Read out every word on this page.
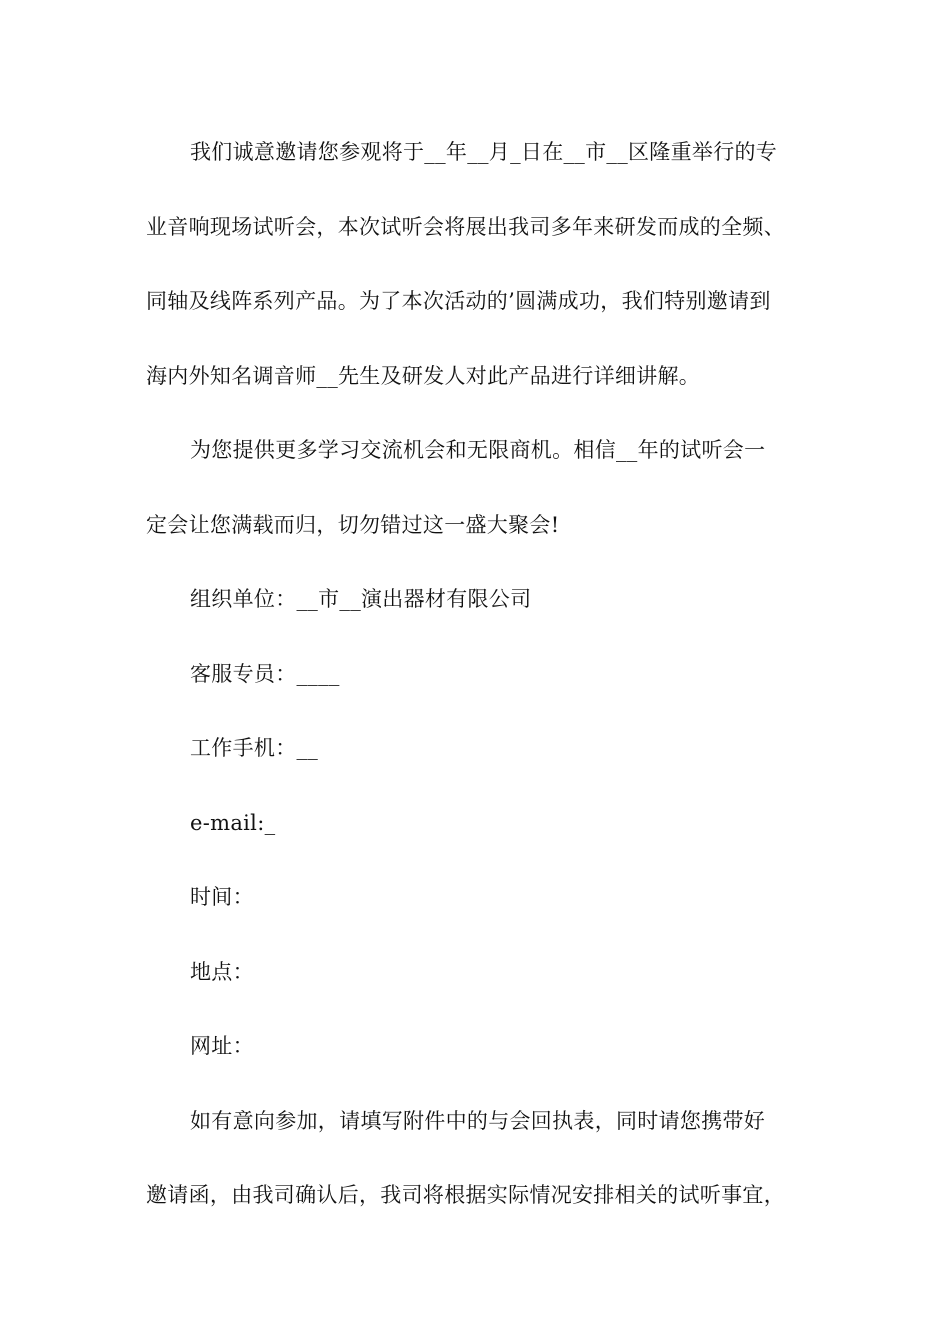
我们诚意邀请您参观将于__年__月_日在__市__区隆重举行的专
业音响现场试听会，本次试听会将展出我司多年来研发而成的全频、
同轴及线阵系列产品。为了本次活动的’圆满成功，我们特别邀请到
海内外知名调音师__先生及研发人对此产品进行详细讲解。
为您提供更多学习交流机会和无限商机。相信__年的试听会一
定会让您满载而归，切勿错过这一盛大聚会!
组织单位：__市__演出器材有限公司
客服专员：____
工作手机：__
e-mail:_
时间：
地点：
网址：
如有意向参加，请填写附件中的与会回执表，同时请您携带好
邀请函，由我司确认后，我司将根据实际情况安排相关的试听事宜，
